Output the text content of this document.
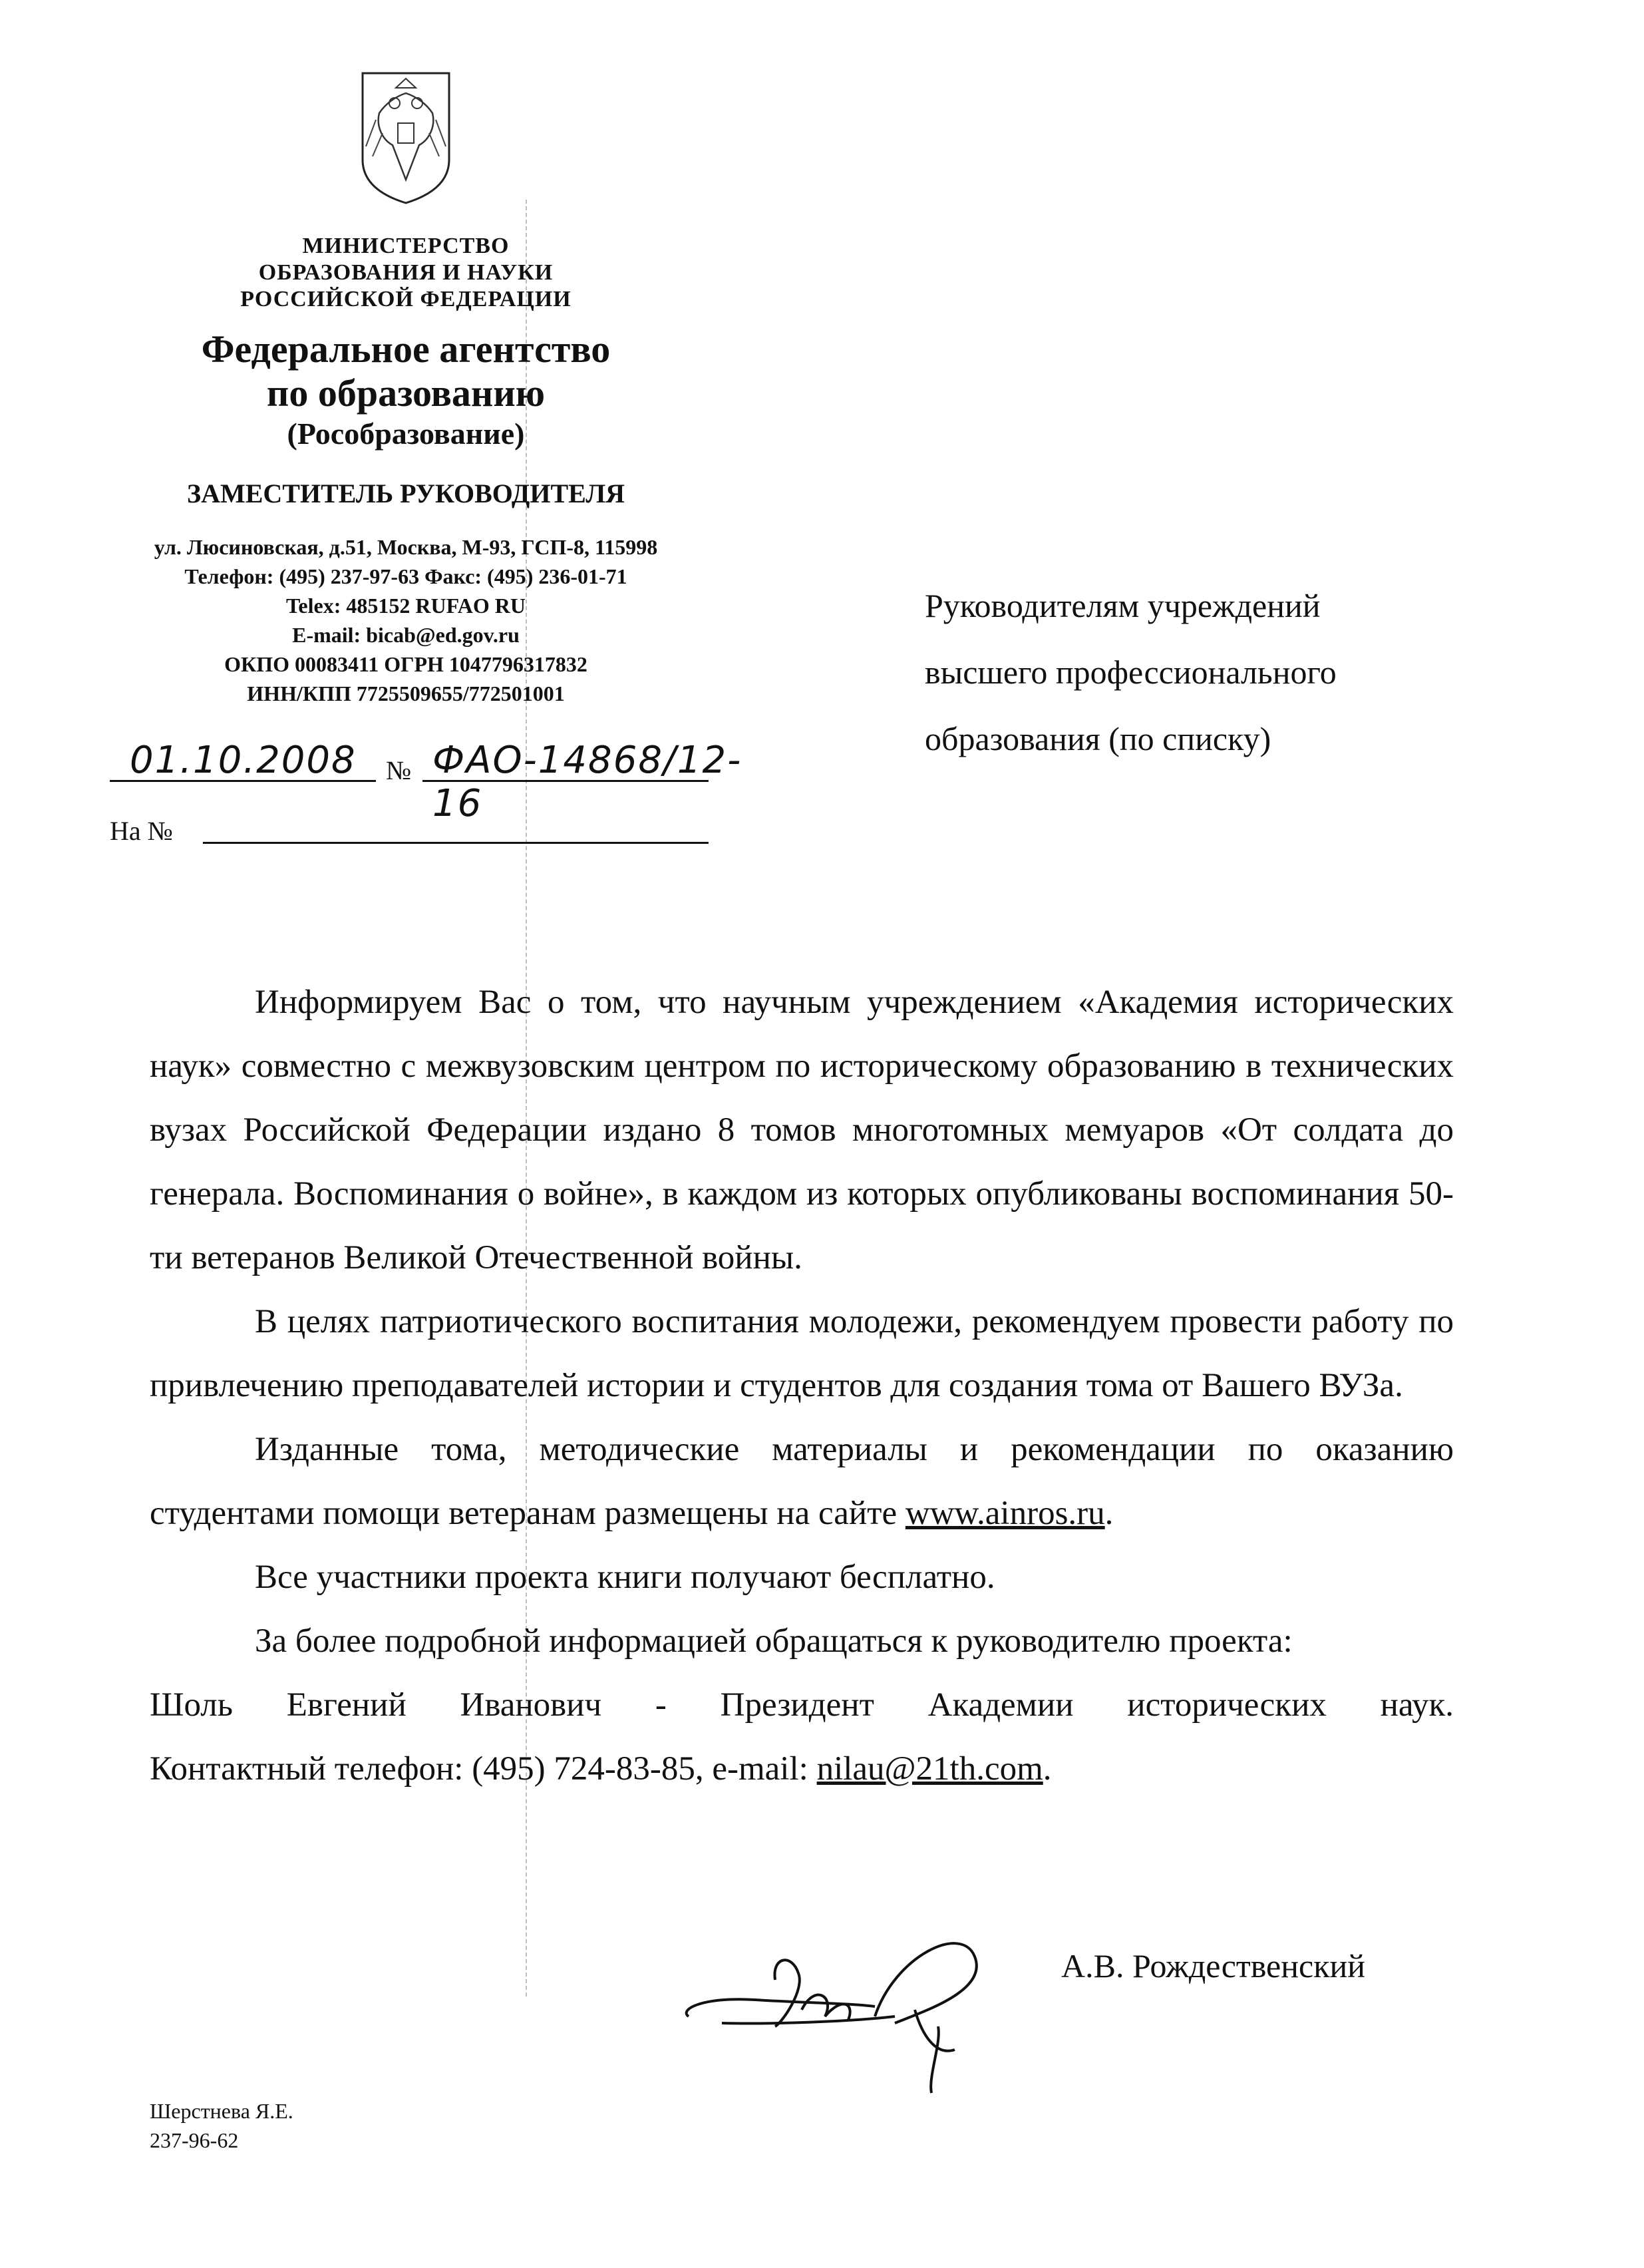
МИНИСТЕРСТВО
ОБРАЗОВАНИЯ И НАУКИ
РОССИЙСКОЙ ФЕДЕРАЦИИ
Федеральное агентство
по образованию
(Рособразование)
ЗАМЕСТИТЕЛЬ РУКОВОДИТЕЛЯ
ул. Люсиновская, д.51, Москва, М-93, ГСП-8, 115998
Телефон: (495) 237-97-63 Факс: (495) 236-01-71
Telex: 485152 RUFAO RU
E-mail: bicab@ed.gov.ru
ОКПО 00083411 ОГРН 1047796317832
ИНН/КПП 7725509655/772501001
01.10.2008 № ФАО-14868/12-16
На №
Руководителям учреждений
высшего профессионального
образования (по списку)

Информируем Вас о том, что научным учреждением «Академия исторических наук» совместно с межвузовским центром по историческому образованию в технических вузах Российской Федерации издано 8 томов многотомных мемуаров «От солдата до генерала. Воспоминания о войне», в каждом из которых опубликованы воспоминания 50-ти ветеранов Великой Отечественной войны.

В целях патриотического воспитания молодежи, рекомендуем провести работу по привлечению преподавателей истории и студентов для создания тома от Вашего ВУЗа.

Изданные тома, методические материалы и рекомендации по оказанию студентами помощи ветеранам размещены на сайте www.ainros.ru.

Все участники проекта книги получают бесплатно.

За более подробной информацией обращаться к руководителю проекта:

Шоль Евгений Иванович - Президент Академии исторических наук.

Контактный телефон: (495) 724-83-85, e-mail: nilau@21th.com.

А.В. Рождественский
Шерстнева Я.Е.
237-96-62
